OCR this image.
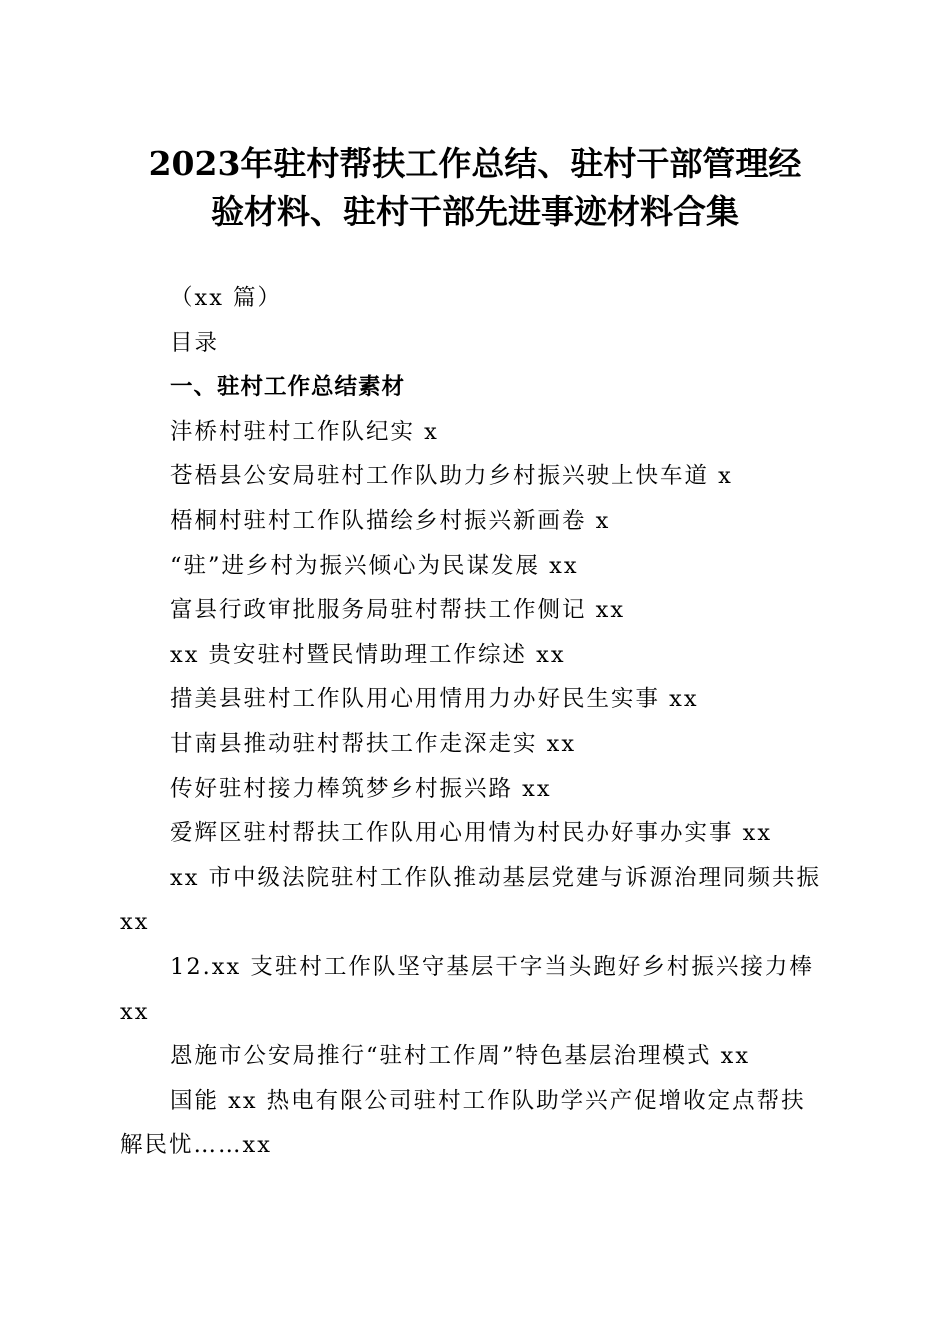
2023年驻村帮扶工作总结、驻村干部管理经
验材料、驻村干部先进事迹材料合集
（xx 篇）
目录
一、驻村工作总结素材
沣桥村驻村工作队纪实 x
苍梧县公安局驻村工作队助力乡村振兴驶上快车道 x
梧桐村驻村工作队描绘乡村振兴新画卷 x
“驻”进乡村为振兴倾心为民谋发展 xx
富县行政审批服务局驻村帮扶工作侧记 xx
xx 贵安驻村暨民情助理工作综述 xx
措美县驻村工作队用心用情用力办好民生实事 xx
甘南县推动驻村帮扶工作走深走实 xx
传好驻村接力棒筑梦乡村振兴路 xx
爱辉区驻村帮扶工作队用心用情为村民办好事办实事 xx
xx 市中级法院驻村工作队推动基层党建与诉源治理同频共振 xx
12.xx 支驻村工作队坚守基层干字当头跑好乡村振兴接力棒 xx
恩施市公安局推行“驻村工作周”特色基层治理模式 xx
国能 xx 热电有限公司驻村工作队助学兴产促增收定点帮扶解民忧……xx
